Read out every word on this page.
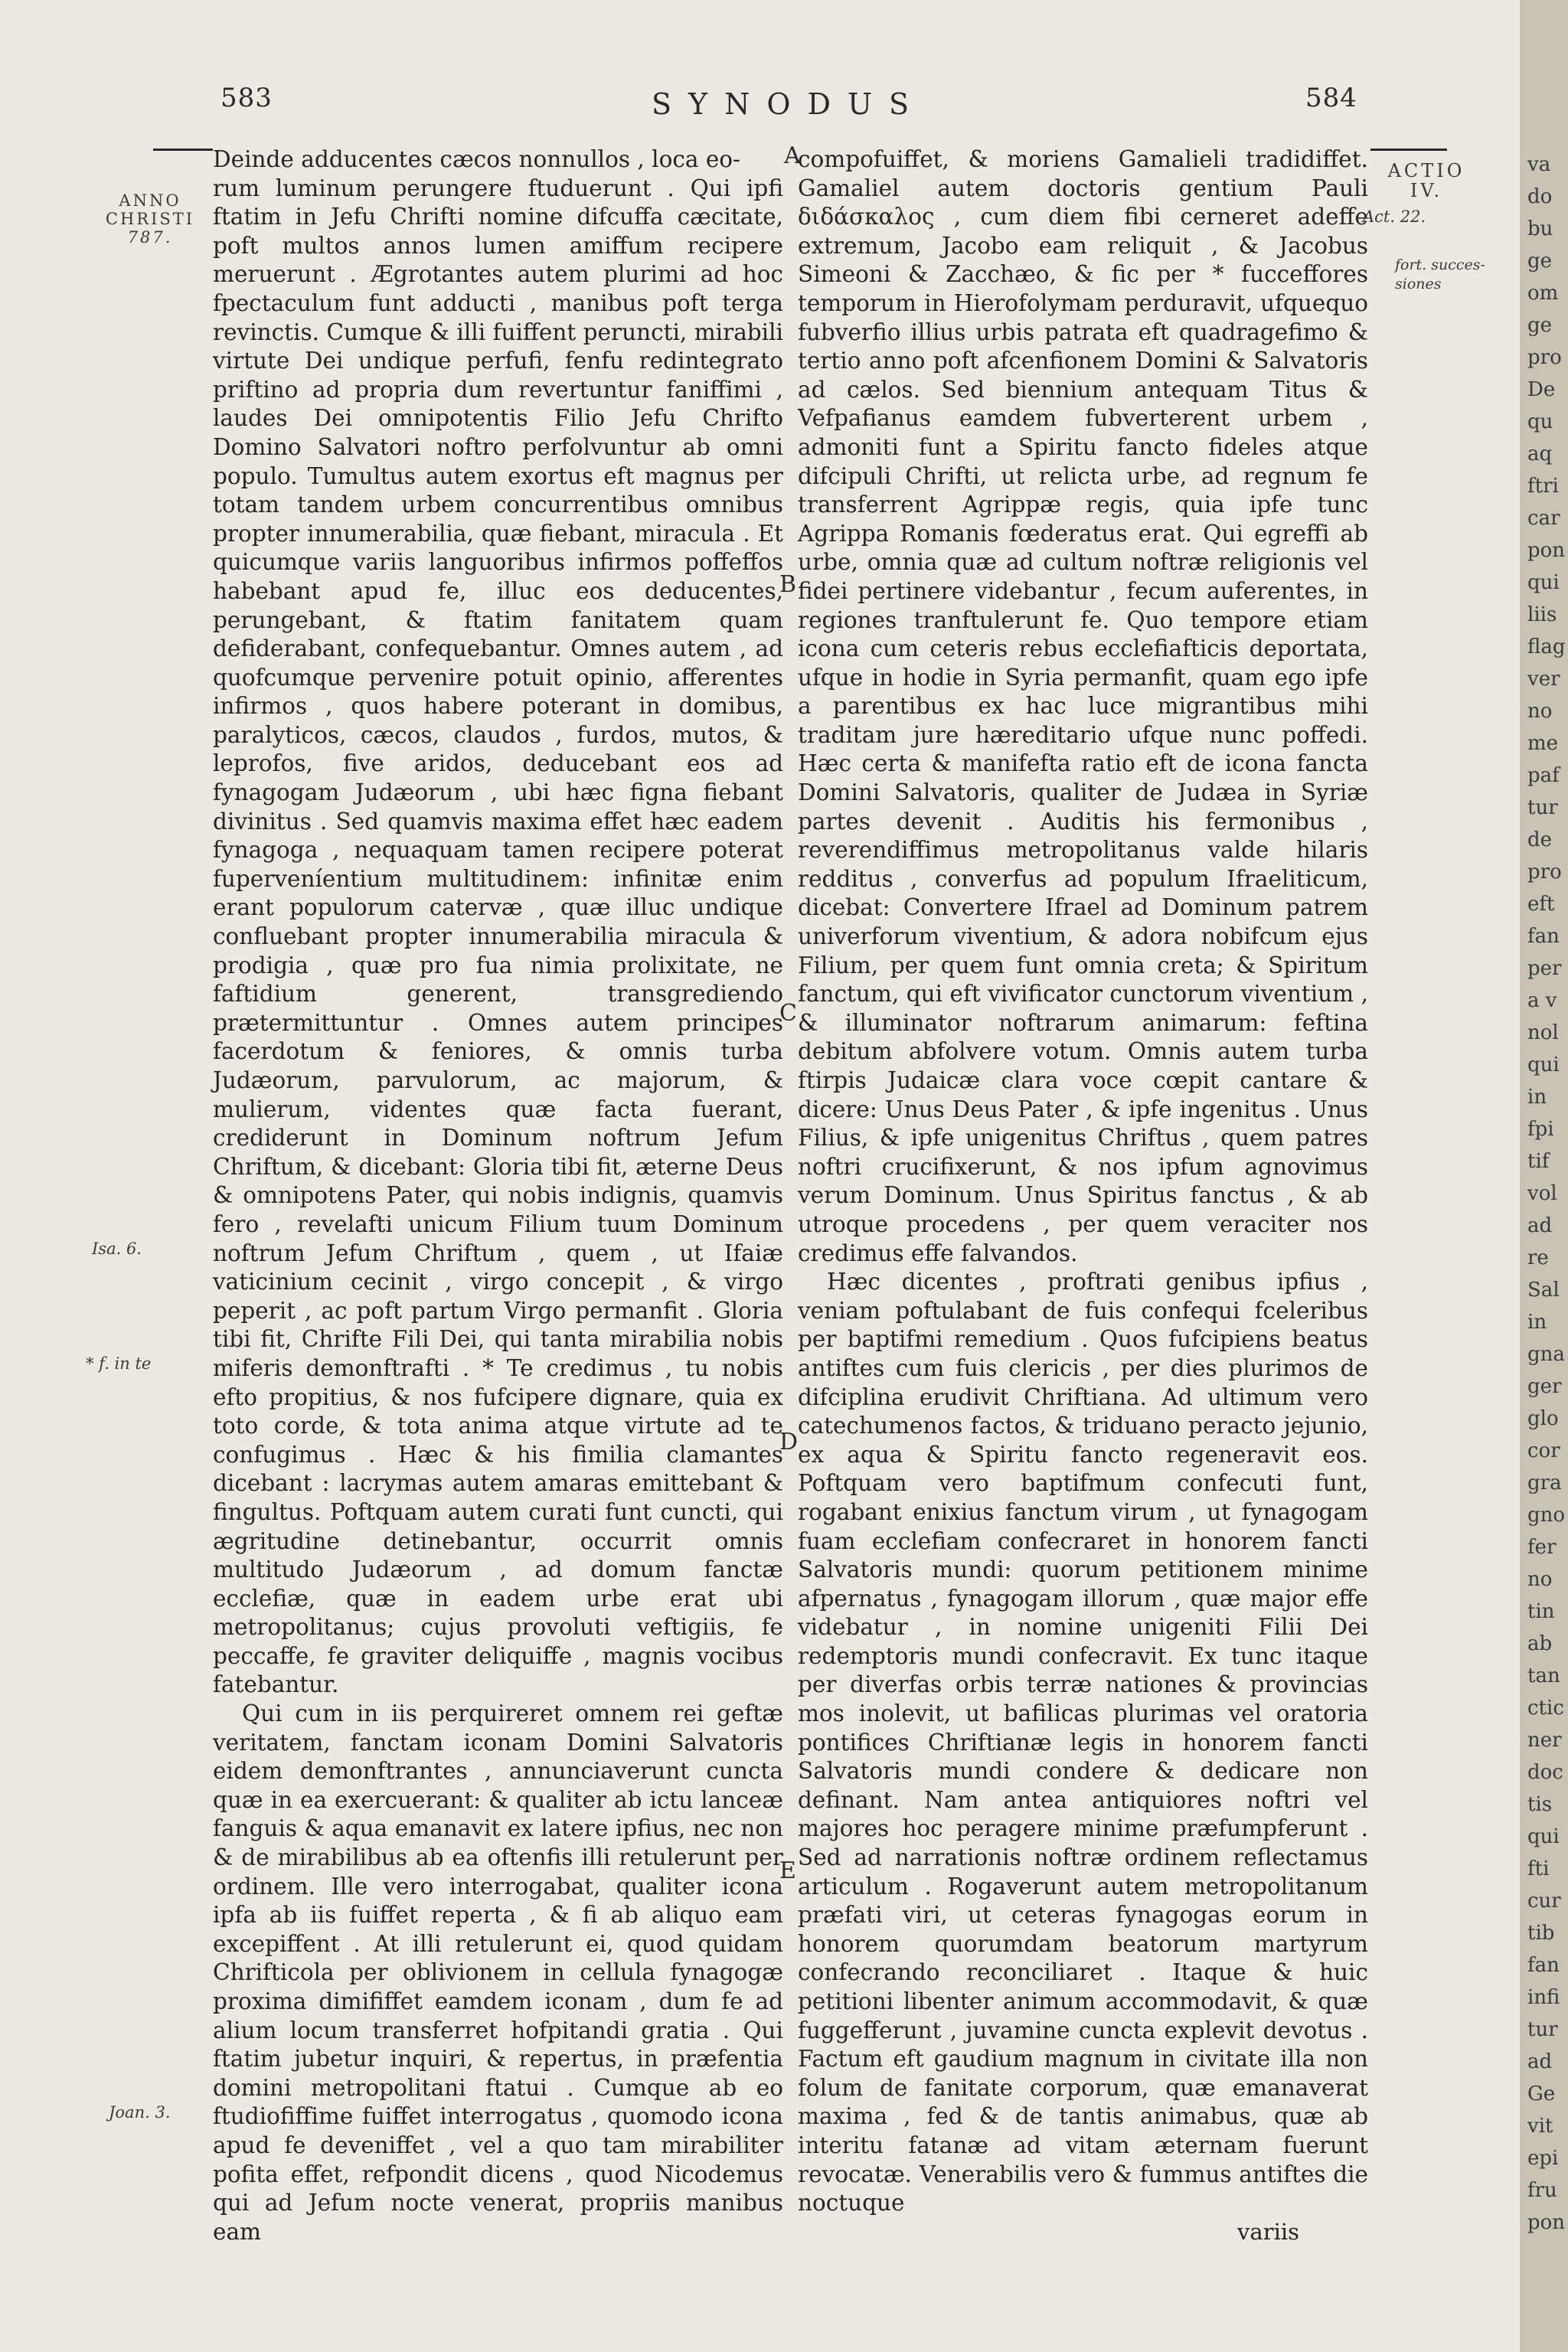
583	SYNODUS	584
ANNO
CHRISTI
787.
Isa. 6.
* f. in te
Joan. 3.
ACTIO
IV.
Act. 22.
fort. succes-
siones
A
B
C
D
E

Deinde adducentes cæcos nonnullos , loca eo-

rum luminum perungere ftuduerunt . Qui ipfi ftatim in Jefu Chrifti nomine difcuffa cæcitate, poft multos annos lumen amiffum recipere meruerunt . Ægrotantes autem plurimi ad hoc fpectaculum funt adducti , manibus poft terga revinctis. Cumque & illi fuiffent peruncti, mirabili virtute Dei undique perfufi, fenfu redintegrato priftino ad propria dum revertuntur faniffimi , laudes Dei omnipotentis Filio Jefu Chrifto Domino Salvatori noftro perfolvuntur ab omni populo. Tumultus autem exortus eft magnus per totam tandem urbem concurrentibus omnibus propter innumerabilia, quæ fiebant, miracula . Et quicumque variis languoribus infirmos poffeffos habebant apud fe, illuc eos deducentes, perungebant, & ftatim fanitatem quam defiderabant, confequebantur. Omnes autem , ad quofcumque pervenire potuit opinio, afferentes infirmos , quos habere poterant in domibus, paralyticos, cæcos, claudos , furdos, mutos, & leprofos, five aridos, deducebant eos ad fynagogam Judæorum , ubi hæc figna fiebant divinitus . Sed quamvis maxima effet hæc eadem fynagoga , nequaquam tamen recipere poterat fuperveníentium multitudinem: infinitæ enim erant populorum catervæ , quæ illuc undique confluebant propter innumerabilia miracula & prodigia , quæ pro fua nimia prolixitate, ne faftidium generent, transgrediendo prætermittuntur . Omnes autem principes facerdotum & feniores, & omnis turba Judæorum, parvulorum, ac majorum, & mulierum, videntes quæ facta fuerant, crediderunt in Dominum noftrum Jefum Chriftum, & dicebant: Gloria tibi fit, æterne Deus & omnipotens Pater, qui nobis indignis, quamvis fero , revelafti unicum Filium tuum Dominum noftrum Jefum Chriftum , quem , ut Ifaiæ vaticinium cecinit , virgo concepit , & virgo peperit , ac poft partum Virgo permanfit . Gloria tibi fit, Chrifte Fili Dei, qui tanta mirabilia nobis miferis demonftrafti . * Te credimus , tu nobis efto propitius, & nos fufcipere dignare, quia ex toto corde, & tota anima atque virtute ad te confugimus . Hæc & his fimilia clamantes dicebant : lacrymas autem amaras emittebant & fingultus. Poftquam autem curati funt cuncti, qui ægritudine detinebantur, occurrit omnis multitudo Judæorum , ad domum fanctæ ecclefiæ, quæ in eadem urbe erat ubi metropolitanus; cujus provoluti veftigiis, fe peccaffe, fe graviter deliquiffe , magnis vocibus fatebantur.

Qui cum in iis perquireret omnem rei geftæ veritatem, fanctam iconam Domini Salvatoris eidem demonftrantes , annunciaverunt cuncta quæ in ea exercuerant: & qualiter ab ictu lanceæ fanguis & aqua emanavit ex latere ipfius, nec non & de mirabilibus ab ea oftenfis illi retulerunt per ordinem. Ille vero interrogabat, qualiter icona ipfa ab iis fuiffet reperta , & fi ab aliquo eam excepiffent . At illi retulerunt ei, quod quidam Chrifticola per oblivionem in cellula fynagogæ proxima dimififfet eamdem iconam , dum fe ad alium locum transferret hofpitandi gratia . Qui ftatim jubetur inquiri, & repertus, in præfentia domini metropolitani ftatui . Cumque ab eo ftudiofiffime fuiffet interrogatus , quomodo icona apud fe deveniffet , vel a quo tam mirabiliter pofita effet, refpondit dicens , quod Nicodemus qui ad Jefum nocte venerat, propriis manibus eam

compofuiffet, & moriens Gamalieli tradidiffet. Gamaliel autem doctoris gentium Pauli διδάσκαλος , cum diem fibi cerneret adeffe extremum, Jacobo eam reliquit , & Jacobus Simeoni & Zacchæo, & fic per * fucceffores temporum in Hierofolymam perduravit, ufquequo fubverfio illius urbis patrata eft quadragefimo & tertio anno poft afcenfionem Domini & Salvatoris ad cælos. Sed biennium antequam Titus & Vefpafianus eamdem fubverterent urbem , admoniti funt a Spiritu fancto fideles atque difcipuli Chrifti, ut relicta urbe, ad regnum fe transferrent Agrippæ regis, quia ipfe tunc Agrippa Romanis fœderatus erat. Qui egreffi ab urbe, omnia quæ ad cultum noftræ religionis vel fidei pertinere videbantur , fecum auferentes, in regiones tranftulerunt fe. Quo tempore etiam icona cum ceteris rebus ecclefiafticis deportata, ufque in hodie in Syria permanfit, quam ego ipfe a parentibus ex hac luce migrantibus mihi traditam jure hæreditario ufque nunc poffedi. Hæc certa & manifefta ratio eft de icona fancta Domini Salvatoris, qualiter de Judæa in Syriæ partes devenit . Auditis his fermonibus , reverendiffimus metropolitanus valde hilaris redditus , converfus ad populum Ifraeliticum, dicebat: Convertere Ifrael ad Dominum patrem univerforum viventium, & adora nobifcum ejus Filium, per quem funt omnia creta; & Spiritum fanctum, qui eft vivificator cunctorum viventium , & illuminator noftrarum animarum: feftina debitum abfolvere votum. Omnis autem turba ftirpis Judaicæ clara voce cœpit cantare & dicere: Unus Deus Pater , & ipfe ingenitus . Unus Filius, & ipfe unigenitus Chriftus , quem patres noftri crucifixerunt, & nos ipfum agnovimus verum Dominum. Unus Spiritus fanctus , & ab utroque procedens , per quem veraciter nos credimus effe falvandos.

Hæc dicentes , proftrati genibus ipfius , veniam poftulabant de fuis confequi fceleribus per baptifmi remedium . Quos fufcipiens beatus antiftes cum fuis clericis , per dies plurimos de difciplina erudivit Chriftiana. Ad ultimum vero catechumenos factos, & triduano peracto jejunio, ex aqua & Spiritu fancto regeneravit eos. Poftquam vero baptifmum confecuti funt, rogabant enixius fanctum virum , ut fynagogam fuam ecclefiam confecraret in honorem fancti Salvatoris mundi: quorum petitionem minime afpernatus , fynagogam illorum , quæ major effe videbatur , in nomine unigeniti Filii Dei redemptoris mundi confecravit. Ex tunc itaque per diverfas orbis terræ nationes & provincias mos inolevit, ut bafilicas plurimas vel oratoria pontifices Chriftianæ legis in honorem fancti Salvatoris mundi condere & dedicare non definant. Nam antea antiquiores noftri vel majores hoc peragere minime præfumpferunt . Sed ad narrationis noftræ ordinem reflectamus articulum . Rogaverunt autem metropolitanum præfati viri, ut ceteras fynagogas eorum in honorem quorumdam beatorum martyrum confecrando reconciliaret . Itaque & huic petitioni libenter animum accommodavit, & quæ fuggefferunt , juvamine cuncta explevit devotus . Factum eft gaudium magnum in civitate illa non folum de fanitate corporum, quæ emanaverat maxima , fed & de tantis animabus, quæ ab interitu fatanæ ad vitam æternam fuerunt revocatæ. Venerabilis vero & fummus antiftes die noctuque

variis
va
do
bu
ge
om
ge
pro
De
qu
aq
ftri
car
pon
qui
liis
flag
ver
no
me
paf
tur
de
pro
eft
fan
per
a v
nol
qui
in
fpi
tif
vol
ad
re
Sal
in
gna
ger
glo
cor
gra
gno
fer
no
tin
ab
tan
ctic
ner
doc
tis
qui
fti
cur
tib
fan
infi
tur
ad
Ge
vit
epi
fru
pon
